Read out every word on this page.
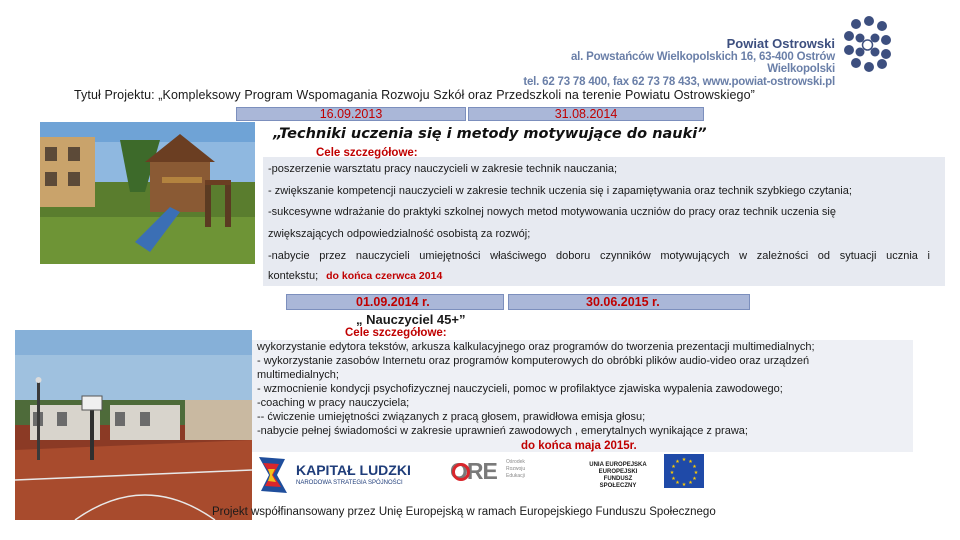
Powiat Ostrowski
al. Powstańców Wielkopolskich 16, 63-400 Ostrów Wielkopolski
tel. 62 73 78 400, fax 62 73 78 433, www.powiat-ostrowski.pl
Tytuł Projektu: „Kompleksowy Program Wspomagania Rozwoju Szkół oraz Przedszkoli na terenie Powiatu Ostrowskiego”
16.09.2013	31.08.2014
„Techniki uczenia się i metody motywujące do nauki”
-poszerzenie warsztatu pracy nauczycieli w zakresie technik nauczania;
- zwiększanie kompetencji nauczycieli w zakresie technik uczenia się i zapamiętywania oraz technik szybkiego czytania;
-sukcesywne wdrażanie do praktyki szkolnej nowych metod motywowania uczniów do pracy oraz technik uczenia się
zwiększających odpowiedzialność osobistą za rozwój;
-nabycie przez nauczycieli umiejętności właściwego doboru czynników motywujących w zależności od sytuacji ucznia i
kontekstu; do końca czerwca 2014
Cele szczegółowe:
01.09.2014 r.	30.06.2015 r.
„ Nauczyciel 45+”
wykorzystanie edytora tekstów, arkusza kalkulacyjnego oraz programów do tworzenia prezentacji multimedialnych;
- wykorzystanie zasobów Internetu oraz programów komputerowych do obróbki plików audio-video oraz urządzeń
multimedialnych;
- wzmocnienie kondycji psychofizycznej nauczycieli, pomoc w profilaktyce zjawiska wypalenia zawodowego;
-coaching w pracy nauczyciela;
-- ćwiczenie umiejętności związanych z pracą głosem, prawidłowa emisja głosu;
-nabycie pełnej świadomości w zakresie uprawnień zawodowych , emerytalnych wynikające z prawa;
Cele szczegółowe:
do końca maja 2015r.
KAPITAŁ LUDZKI
NARODOWA STRATEGIA SPÓJNOŚCI ORE Ośrodek
Rozwoju
Edukacji
UNIA EUROPEJSKA
EUROPEJSKI
FUNDUSZ SPOŁECZNY
★ ★
★
★
★
★
★
★
★
★
★
★
Projekt współfinansowany przez Unię Europejską w ramach Europejskiego Funduszu Społecznego
